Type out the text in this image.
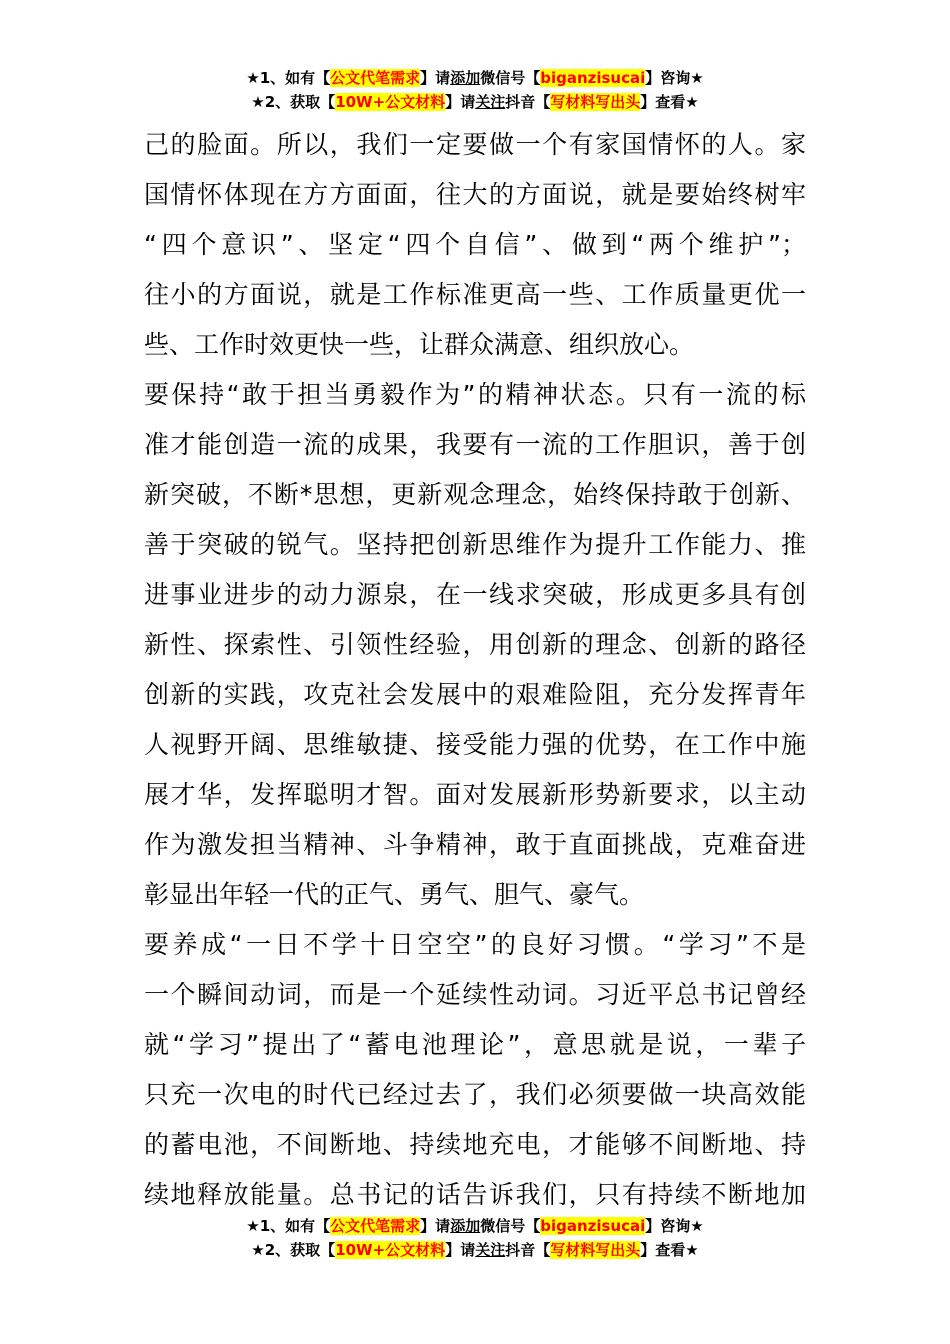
★1、如有【公文代笔需求】请添加微信号【biganzisucai】咨询★
★2、获取【10W+公文材料】请关注抖音【写材料写出头】查看★
己的脸面。所以，我们一定要做一个有家国情怀的人。家
国情怀体现在方方面面，往大的方面说，就是要始终树牢
“四个意识”、坚定“四个自信”、做到“两个维护”；
往小的方面说，就是工作标准更高一些、工作质量更优一
些、工作时效更快一些，让群众满意、组织放心。
要保持“敢于担当勇毅作为”的精神状态。只有一流的标
准才能创造一流的成果，我要有一流的工作胆识，善于创
新突破，不断*思想，更新观念理念，始终保持敢于创新、
善于突破的锐气。坚持把创新思维作为提升工作能力、推
进事业进步的动力源泉，在一线求突破，形成更多具有创
新性、探索性、引领性经验，用创新的理念、创新的路径
创新的实践，攻克社会发展中的艰难险阻，充分发挥青年
人视野开阔、思维敏捷、接受能力强的优势，在工作中施
展才华，发挥聪明才智。面对发展新形势新要求，以主动
作为激发担当精神、斗争精神，敢于直面挑战，克难奋进
彰显出年轻一代的正气、勇气、胆气、豪气。
要养成“一日不学十日空空”的良好习惯。“学习”不是
一个瞬间动词，而是一个延续性动词。习近平总书记曾经
就“学习”提出了“蓄电池理论”，意思就是说，一辈子
只充一次电的时代已经过去了，我们必须要做一块高效能
的蓄电池，不间断地、持续地充电，才能够不间断地、持
续地释放能量。总书记的话告诉我们，只有持续不断地加
★1、如有【公文代笔需求】请添加微信号【biganzisucai】咨询★
★2、获取【10W+公文材料】请关注抖音【写材料写出头】查看★
